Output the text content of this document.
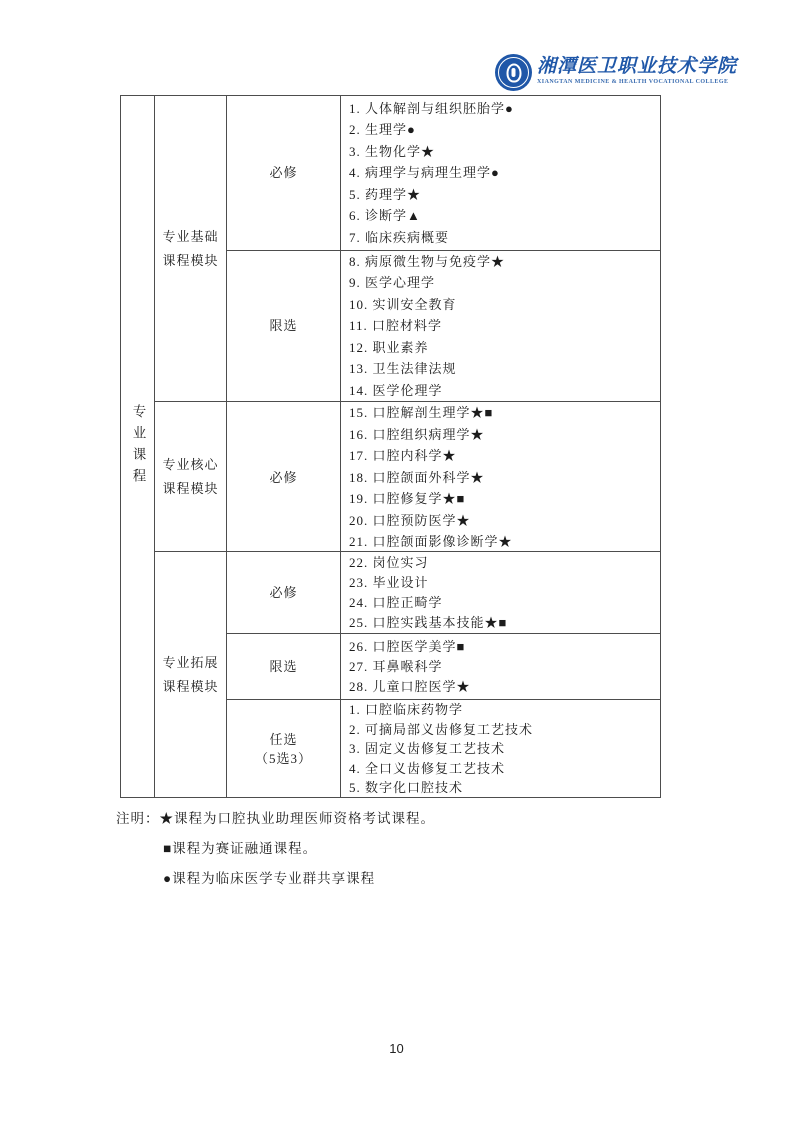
湘潭医卫职业技术学院
XIANGTAN MEDICINE & HEALTH VOCATIONAL COLLEGE
专业课程
专业基础
课程模块
必修
1. 人体解剖与组织胚胎学●
2. 生理学●
3. 生物化学★
4. 病理学与病理生理学●
5. 药理学★
6. 诊断学▲
7. 临床疾病概要
限选
8. 病原微生物与免疫学★
9. 医学心理学
10. 实训安全教育
11. 口腔材料学
12. 职业素养
13. 卫生法律法规
14. 医学伦理学
专业核心
课程模块
必修
15. 口腔解剖生理学★■
16. 口腔组织病理学★
17. 口腔内科学★
18. 口腔颌面外科学★
19. 口腔修复学★■
20. 口腔预防医学★
21. 口腔颌面影像诊断学★
专业拓展
课程模块
必修
22. 岗位实习
23. 毕业设计
24. 口腔正畸学
25. 口腔实践基本技能★■
限选
26. 口腔医学美学■
27. 耳鼻喉科学
28. 儿童口腔医学★
任选
（5选3）
1. 口腔临床药物学
2. 可摘局部义齿修复工艺技术
3. 固定义齿修复工艺技术
4. 全口义齿修复工艺技术
5. 数字化口腔技术
注明：★课程为口腔执业助理医师资格考试课程。
■课程为赛证融通课程。
●课程为临床医学专业群共享课程
10
